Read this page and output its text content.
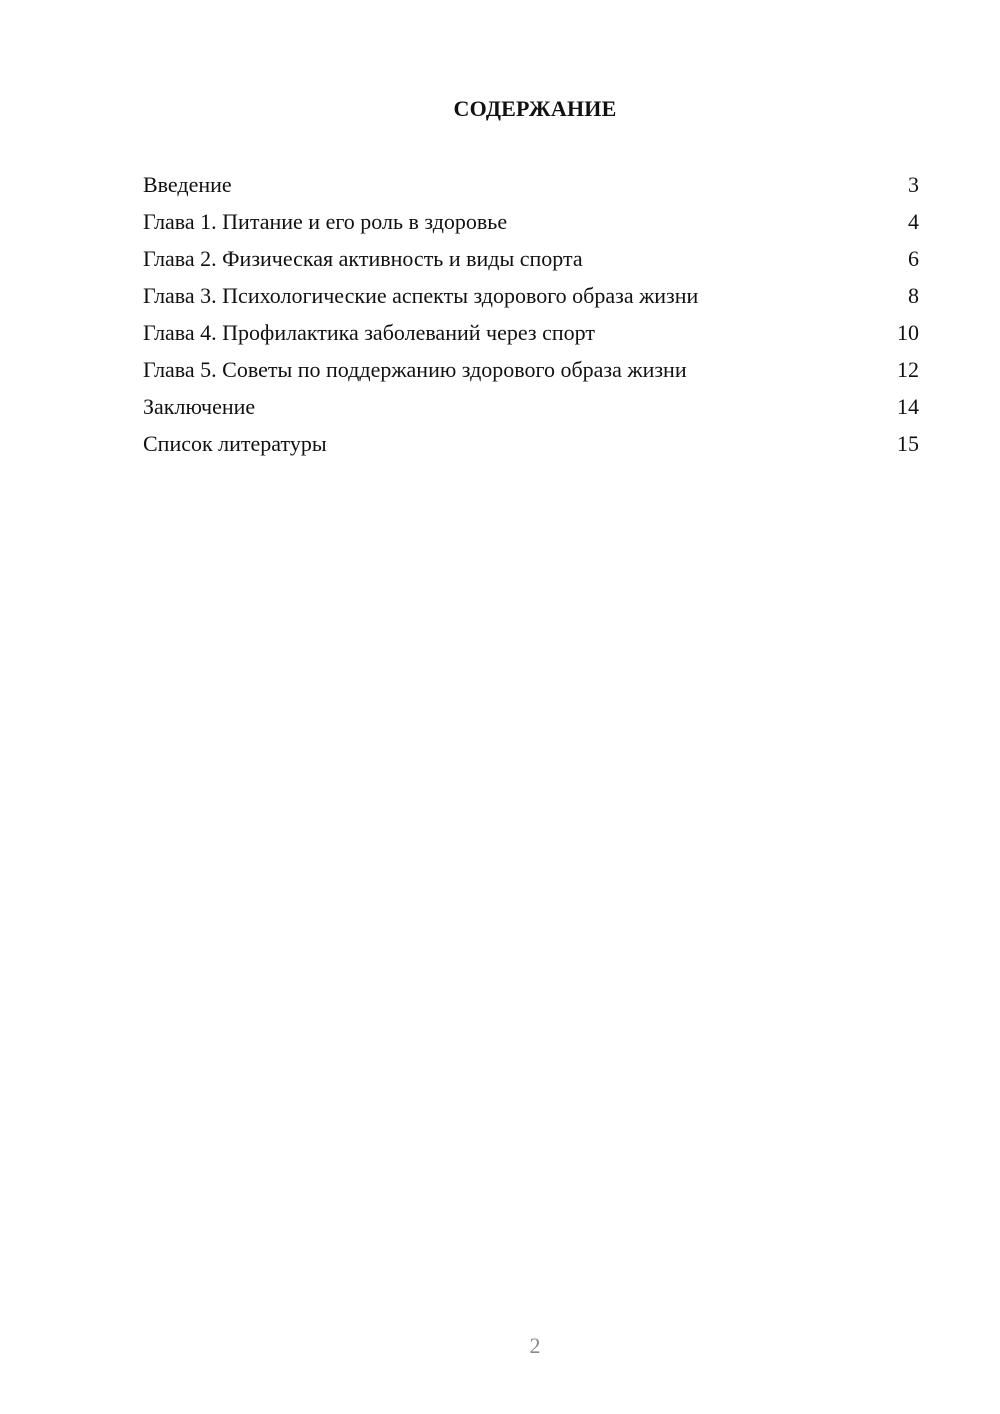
СОДЕРЖАНИЕ
Введение	3
Глава 1. Питание и его роль в здоровье	4
Глава 2. Физическая активность и виды спорта	6
Глава 3. Психологические аспекты здорового образа жизни	8
Глава 4. Профилактика заболеваний через спорт	10
Глава 5. Советы по поддержанию здорового образа жизни	12
Заключение	14
Список литературы	15
2
